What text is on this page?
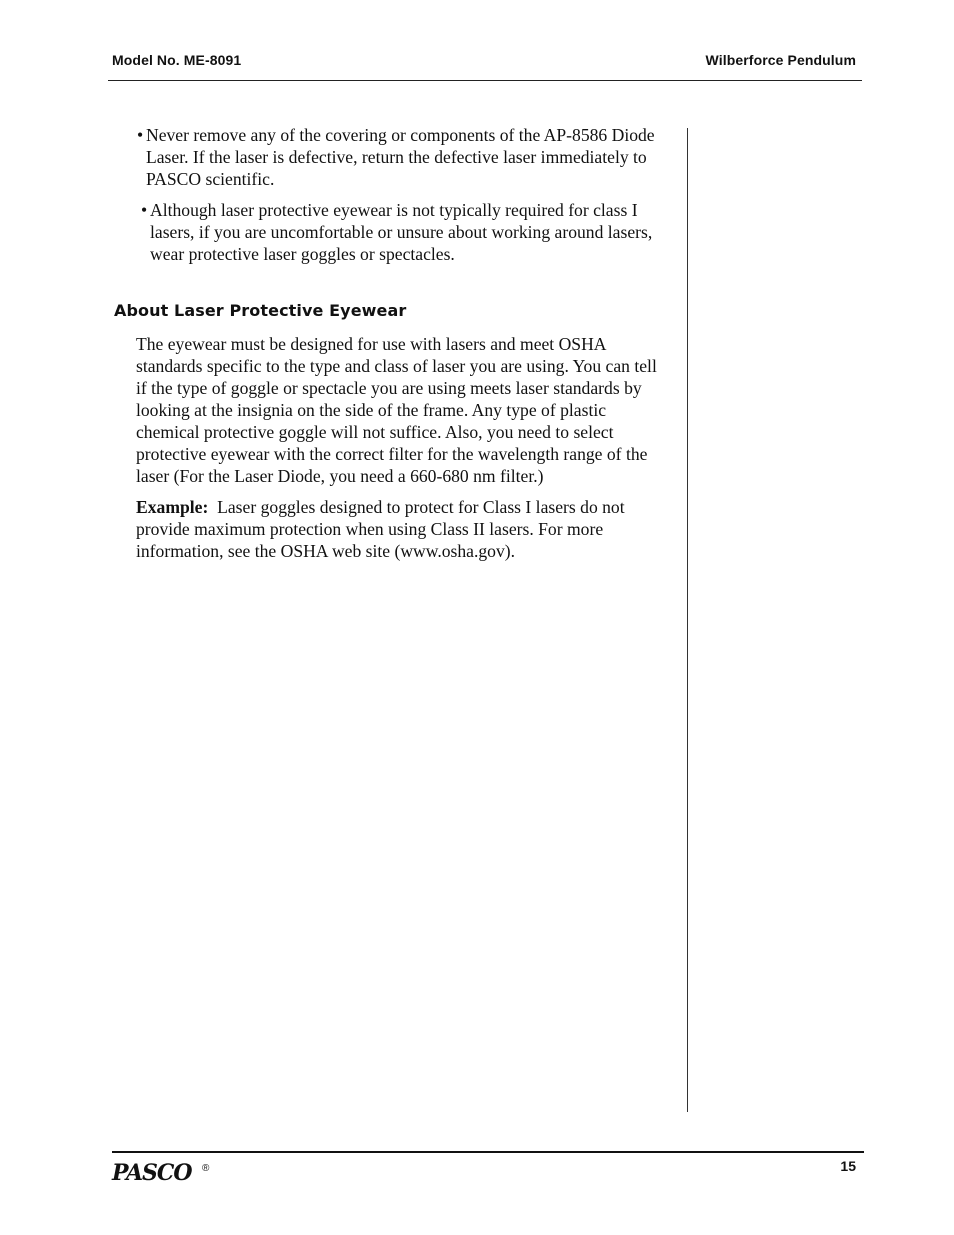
Model No. ME-8091	Wilberforce Pendulum
• Never remove any of the covering or components of the AP-8586 Diode Laser. If the laser is defective, return the defective laser immediately to PASCO scientific.
• Although laser protective eyewear is not typically required for class I lasers, if you are uncomfortable or unsure about working around lasers, wear protective laser goggles or spectacles.
About Laser Protective Eyewear

The eyewear must be designed for use with lasers and meet OSHA standards specific to the type and class of laser you are using. You can tell if the type of goggle or spectacle you are using meets laser standards by looking at the insignia on the side of the frame. Any type of plastic chemical protective goggle will not suffice. Also, you need to select protective eyewear with the correct filter for the wavelength range of the laser (For the Laser Diode, you need a 660-680 nm filter.)

Example: Laser goggles designed to protect for Class I lasers do not provide maximum protection when using Class II lasers. For more information, see the OSHA web site (www.osha.gov).

PASCO ®	15
